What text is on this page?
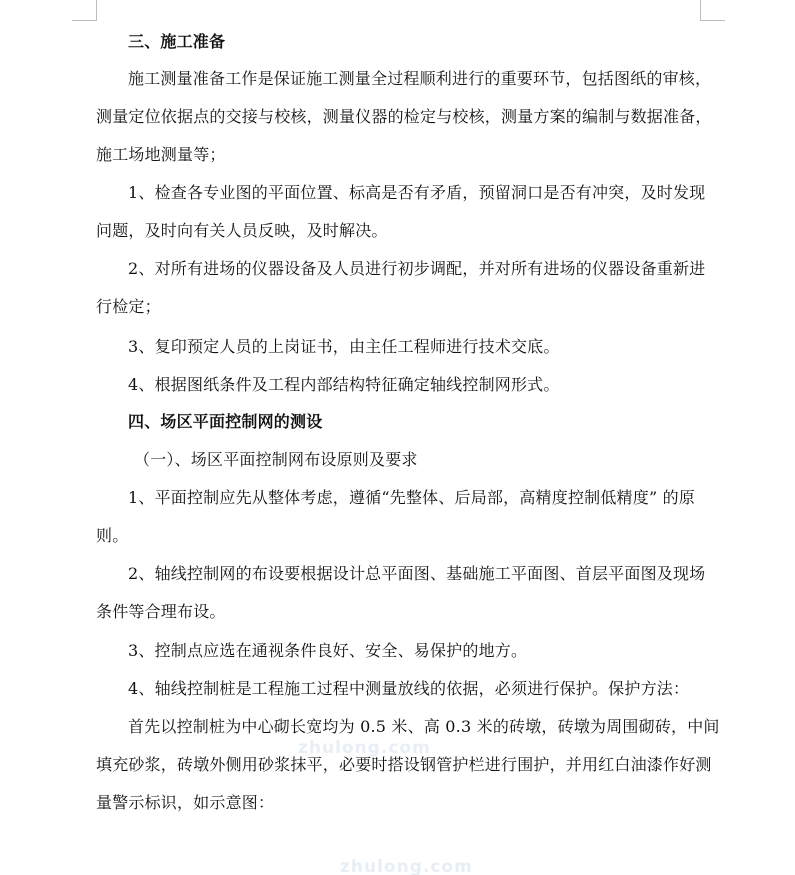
三、施工准备
施工测量准备工作是保证施工测量全过程顺利进行的重要环节，包括图纸的审核，
测量定位依据点的交接与校核，测量仪器的检定与校核，测量方案的编制与数据准备，
施工场地测量等；
1、检查各专业图的平面位置、标高是否有矛盾，预留洞口是否有冲突，及时发现
问题，及时向有关人员反映，及时解决。
2、对所有进场的仪器设备及人员进行初步调配，并对所有进场的仪器设备重新进
行检定；
3、复印预定人员的上岗证书，由主任工程师进行技术交底。
4、根据图纸条件及工程内部结构特征确定轴线控制网形式。
四、场区平面控制网的测设
（一）、场区平面控制网布设原则及要求
1、平面控制应先从整体考虑，遵循“先整体、后局部，高精度控制低精度” 的原
则。
2、轴线控制网的布设要根据设计总平面图、基础施工平面图、首层平面图及现场
条件等合理布设。
3、控制点应选在通视条件良好、安全、易保护的地方。
4、轴线控制桩是工程施工过程中测量放线的依据，必须进行保护。保护方法：
首先以控制桩为中心砌长宽均为 0.5 米、高 0.3 米的砖墩，砖墩为周围砌砖，中间
填充砂浆，砖墩外侧用砂浆抹平，必要时搭设钢管护栏进行围护，并用红白油漆作好测
量警示标识，如示意图：
zhulong.com
zhulong.com
